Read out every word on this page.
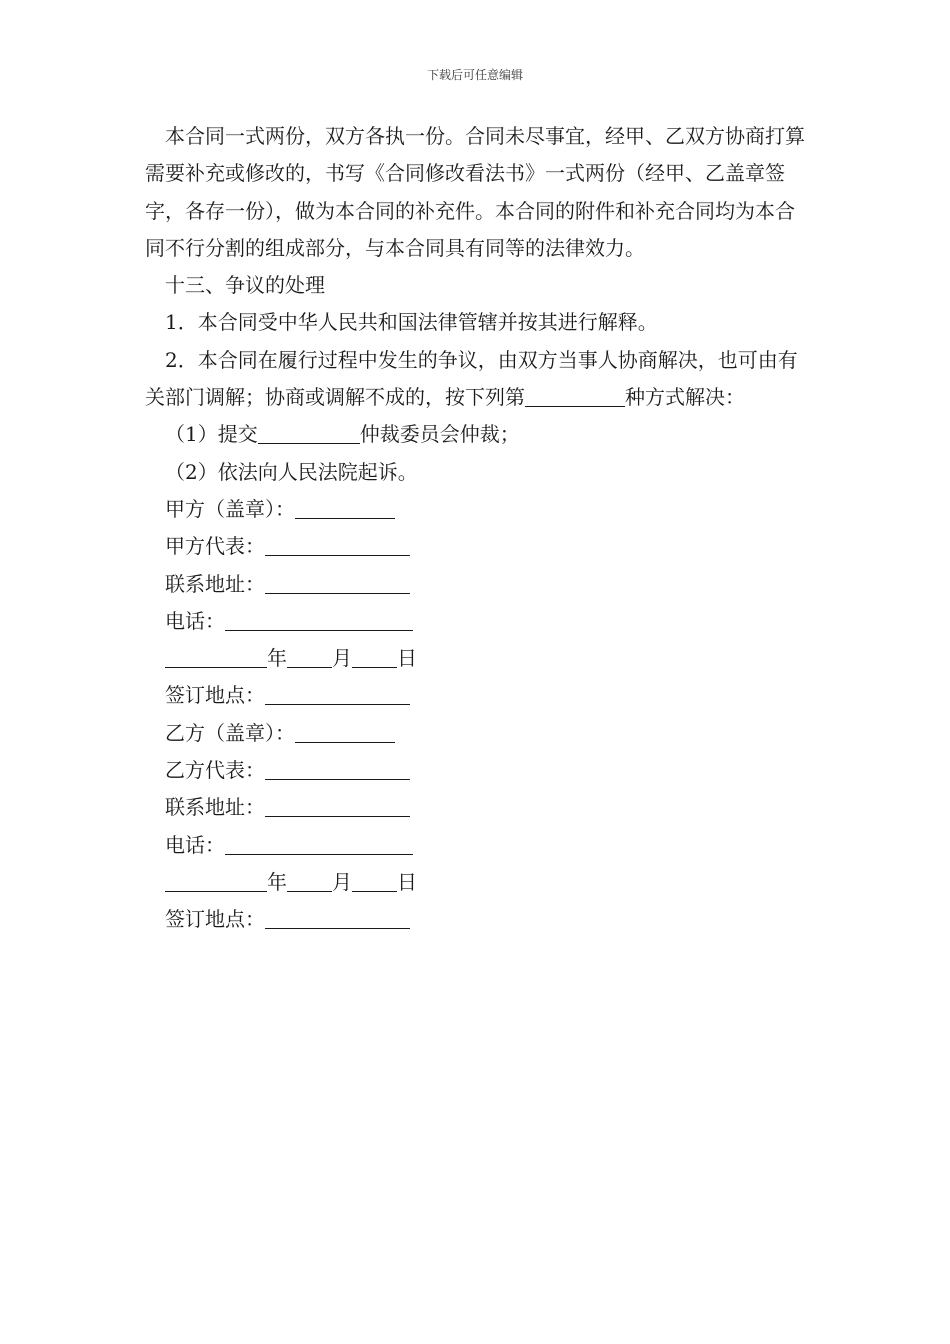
下载后可任意编辑

本合同一式两份，双方各执一份。合同未尽事宜，经甲、乙双方协商打算需要补充或修改的，书写《合同修改看法书》一式两份（经甲、乙盖章签字，各存一份），做为本合同的补充件。本合同的附件和补充合同均为本合同不行分割的组成部分，与本合同具有同等的法律效力。

十三、争议的处理

1．本合同受中华人民共和国法律管辖并按其进行解释。

2．本合同在履行过程中发生的争议，由双方当事人协商解决，也可由有关部门调解；协商或调解不成的，按下列第	种方式解决：

（1）提交	仲裁委员会仲裁；

（2）依法向人民法院起诉。

甲方（盖章）：

甲方代表：

联系地址：

电话：

年 月 日

签订地点：

乙方（盖章）：

乙方代表：

联系地址：

电话：

年 月 日

签订地点：
